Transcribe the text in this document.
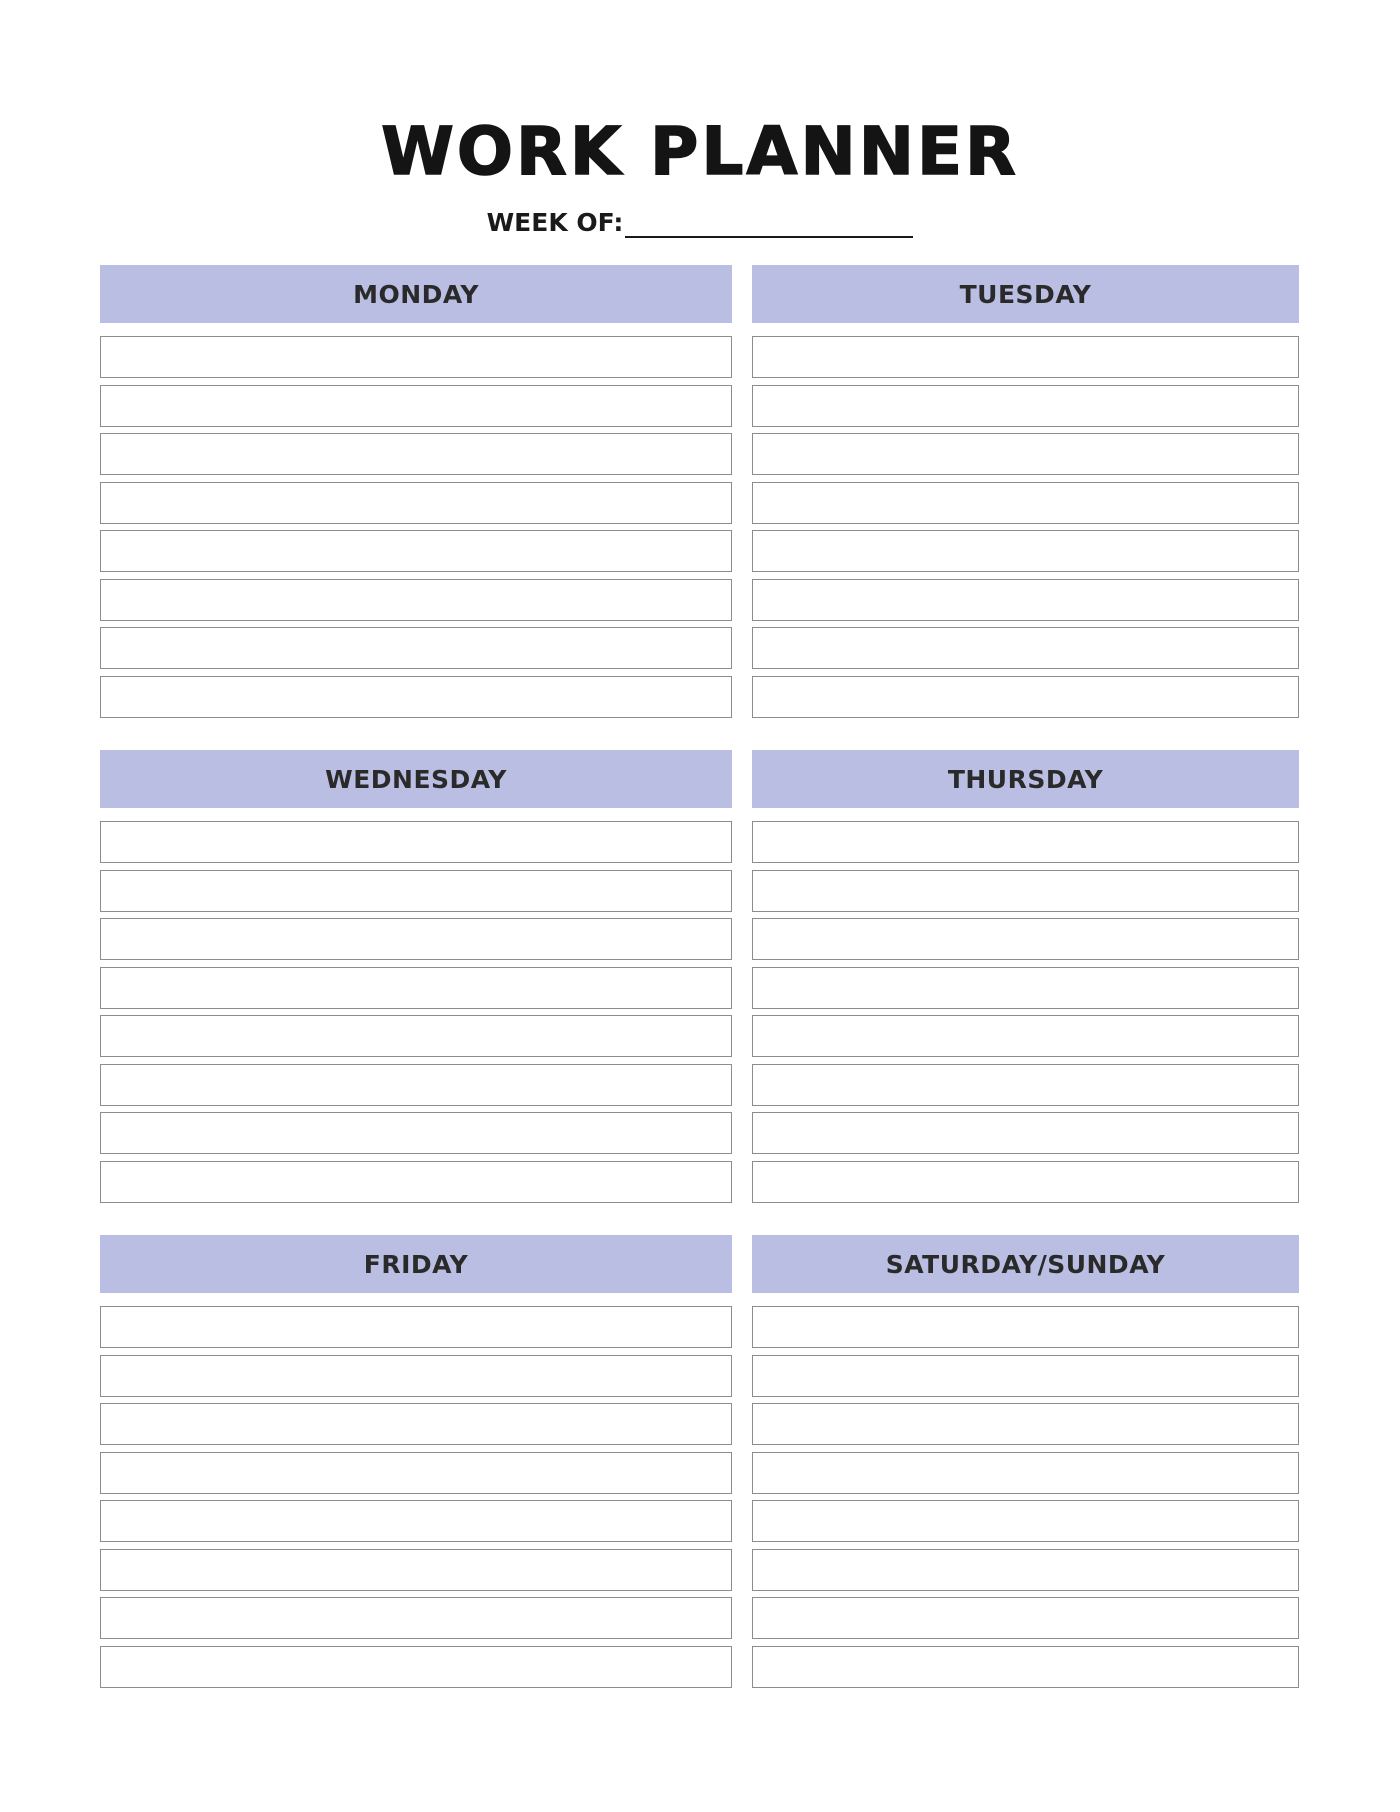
WORK PLANNER
WEEK OF:
MONDAY	TUESDAY
WEDNESDAY	THURSDAY
FRIDAY	SATURDAY/SUNDAY
